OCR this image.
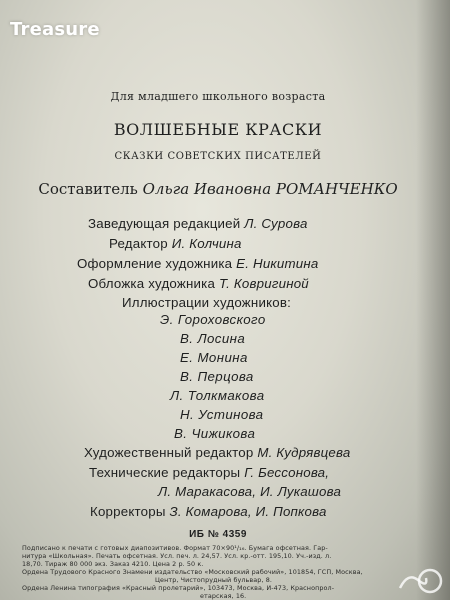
Treasure
Для младшего школьного возраста
ВОЛШЕБНЫЕ КРАСКИ
СКАЗКИ СОВЕТСКИХ ПИСАТЕЛЕЙ
Составитель Ольга Ивановна РОМАНЧЕНКО
Заведующая редакцией Л. Сурова
Редактор И. Колчина
Оформление художника Е. Никитина
Обложка художника Т. Ковригиной
Иллюстрации художников:
Э. Гороховского
В. Лосина
Е. Монина
В. Перцова
Л. Толкмакова
Н. Устинова
В. Чижикова
Художественный редактор М. Кудрявцева
Технические редакторы Г. Бессонова,
Л. Маракасова, И. Лукашова
Корректоры З. Комарова, И. Попкова
ИБ № 4359
Подписано к печати с готовых диапозитивов. Формат 70×90¹/₁₆. Бумага офсетная. Гар-
нитура «Школьная». Печать офсетная. Усл. печ. л. 24,57. Усл. кр.-отт. 195,10. Уч.-изд. л.
18,70. Тираж 80 000 экз. Заказ 4210. Цена 2 р. 50 к.
Ордена Трудового Красного Знамени издательство «Московский рабочий», 101854, ГСП, Москва,
Центр, Чистопрудный бульвар, 8.
Ордена Ленина типография «Красный пролетарий», 103473, Москва, И-473, Краснопрол-
етарская, 16.
